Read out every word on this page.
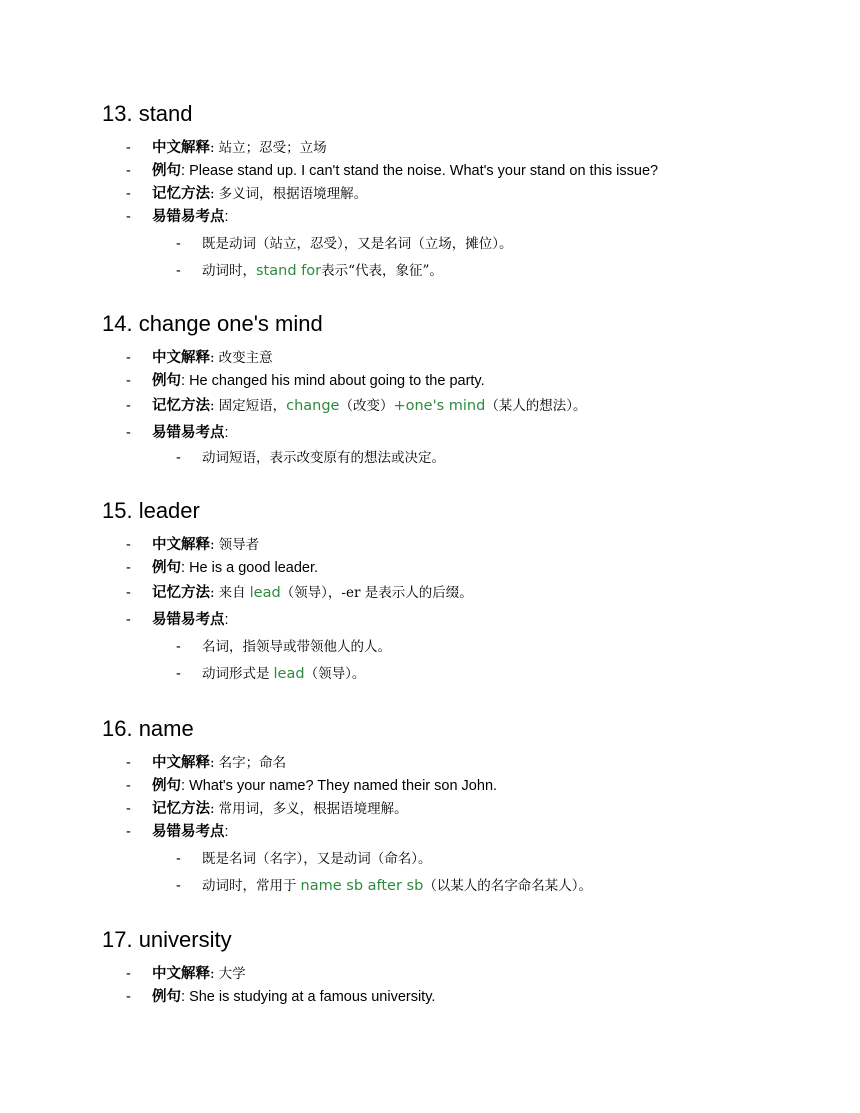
13. stand
- 中文解释: 站立；忍受；立场
- 例句: Please stand up. I can't stand the noise. What's your stand on this issue?
- 记忆方法: 多义词，根据语境理解。
- 易错易考点:
- 既是动词（站立，忍受），又是名词（立场，摊位）。
- 动词时，stand for表示“代表，象征”。
14. change one's mind
- 中文解释: 改变主意
- 例句: He changed his mind about going to the party.
- 记忆方法: 固定短语，change（改变）+one's mind（某人的想法）。
- 易错易考点:
- 动词短语，表示改变原有的想法或决定。
15. leader
- 中文解释: 领导者
- 例句: He is a good leader.
- 记忆方法: 来自 lead（领导），-er 是表示人的后缀。
- 易错易考点:
- 名词，指领导或带领他人的人。
- 动词形式是 lead（领导）。
16. name
- 中文解释: 名字；命名
- 例句: What's your name? They named their son John.
- 记忆方法: 常用词，多义，根据语境理解。
- 易错易考点:
- 既是名词（名字），又是动词（命名）。
- 动词时，常用于 name sb after sb（以某人的名字命名某人）。
17. university
- 中文解释: 大学
- 例句: She is studying at a famous university.
